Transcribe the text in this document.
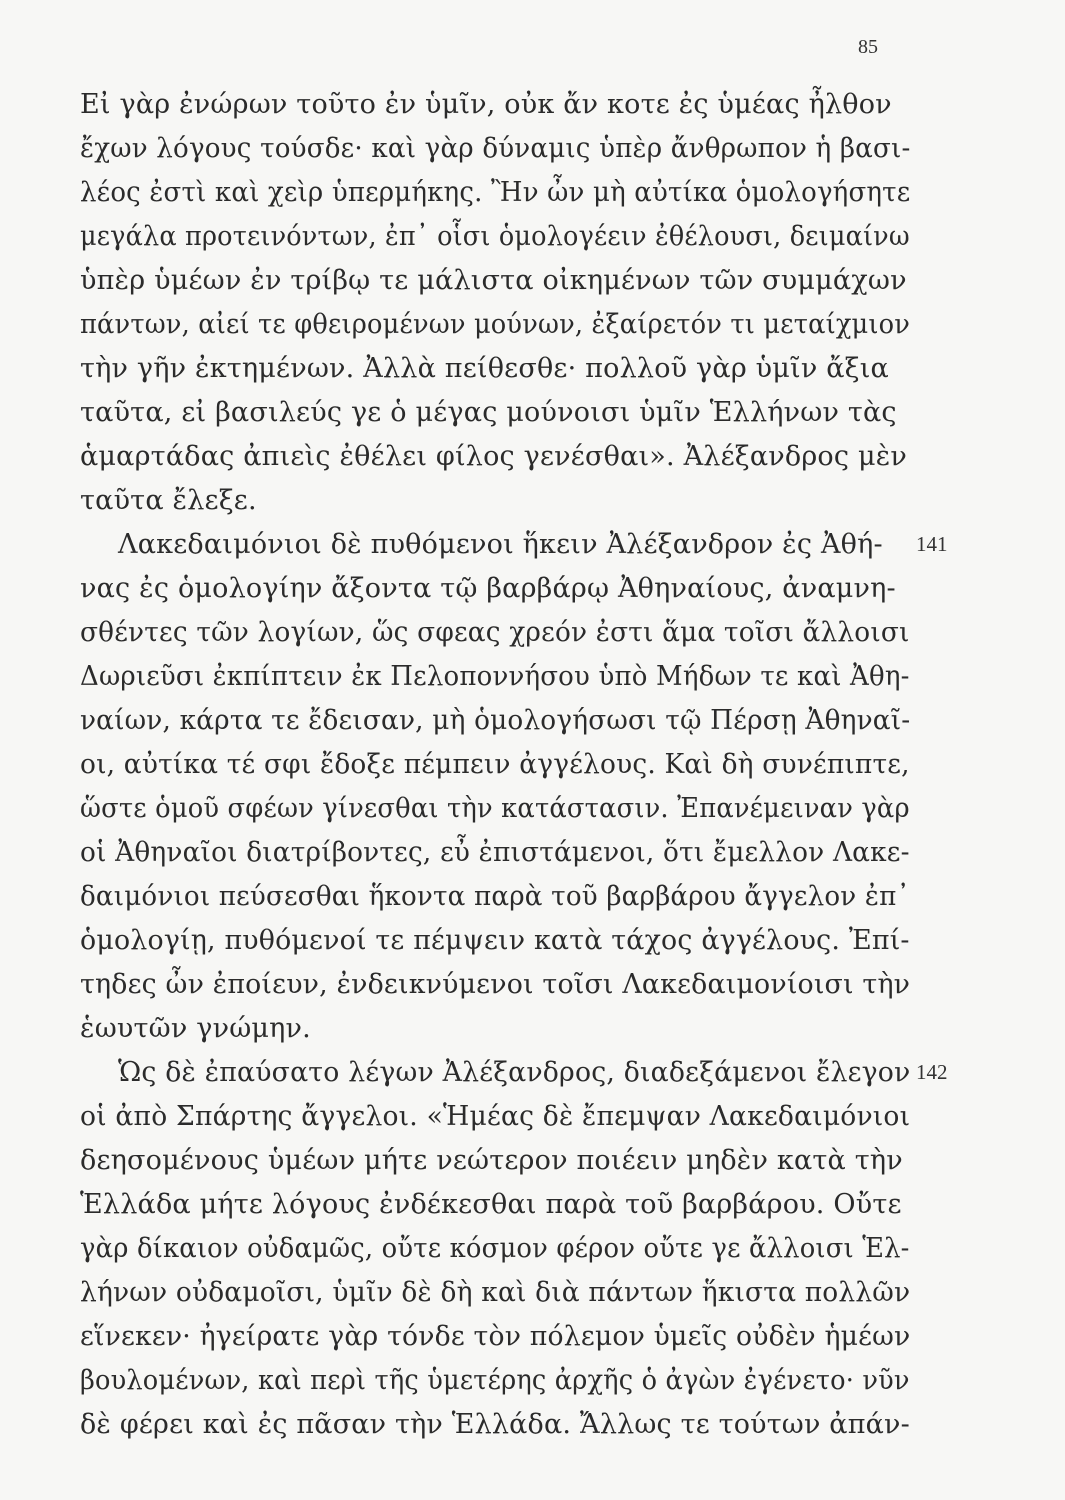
85
Εἰ γὰρ ἐνώρων τοῦτο ἐν ὑμῖν, οὐκ ἄν κοτε ἐς ὑμέας ἦλθον
ἔχων λόγους τούσδε· καὶ γὰρ δύναμις ὑπὲρ ἄνθρωπον ἡ βασι-
λέος ἐστὶ καὶ χεὶρ ὑπερμήκης. Ἢν ὦν μὴ αὐτίκα ὁμολογήσητε
μεγάλα προτεινόντων, ἐπ᾽ οἷσι ὁμολογέειν ἐθέλουσι, δειμαίνω
ὑπὲρ ὑμέων ἐν τρίβῳ τε μάλιστα οἰκημένων τῶν συμμάχων
πάντων, αἰεί τε φθειρομένων μούνων, ἐξαίρετόν τι μεταίχμιον
τὴν γῆν ἐκτημένων. Ἀλλὰ πείθεσθε· πολλοῦ γὰρ ὑμῖν ἄξια
ταῦτα, εἰ βασιλεύς γε ὁ μέγας μούνοισι ὑμῖν Ἑλλήνων τὰς
ἁμαρτάδας ἀπιεὶς ἐθέλει φίλος γενέσθαι». Ἀλέξανδρος μὲν
ταῦτα ἔλεξε.
Λακεδαιμόνιοι δὲ πυθόμενοι ἥκειν Ἀλέξανδρον ἐς Ἀθή-
νας ἐς ὁμολογίην ἄξοντα τῷ βαρβάρῳ Ἀθηναίους, ἀναμνη-
σθέντες τῶν λογίων, ὥς σφεας χρεόν ἐστι ἅμα τοῖσι ἄλλοισι
Δωριεῦσι ἐκπίπτειν ἐκ Πελοποννήσου ὑπὸ Μήδων τε καὶ Ἀθη-
ναίων, κάρτα τε ἔδεισαν, μὴ ὁμολογήσωσι τῷ Πέρσῃ Ἀθηναῖ-
οι, αὐτίκα τέ σφι ἔδοξε πέμπειν ἀγγέλους. Καὶ δὴ συνέπιπτε,
ὥστε ὁμοῦ σφέων γίνεσθαι τὴν κατάστασιν. Ἐπανέμειναν γὰρ
οἱ Ἀθηναῖοι διατρίβοντες, εὖ ἐπιστάμενοι, ὅτι ἔμελλον Λακε-
δαιμόνιοι πεύσεσθαι ἥκοντα παρὰ τοῦ βαρβάρου ἄγγελον ἐπ᾽
ὁμολογίῃ, πυθόμενοί τε πέμψειν κατὰ τάχος ἀγγέλους. Ἐπί-
τηδες ὦν ἐποίευν, ἐνδεικνύμενοι τοῖσι Λακεδαιμονίοισι τὴν
ἑωυτῶν γνώμην.
Ὡς δὲ ἐπαύσατο λέγων Ἀλέξανδρος, διαδεξάμενοι ἔλεγον
οἱ ἀπὸ Σπάρτης ἄγγελοι. «Ἡμέας δὲ ἔπεμψαν Λακεδαιμόνιοι
δεησομένους ὑμέων μήτε νεώτερον ποιέειν μηδὲν κατὰ τὴν
Ἑλλάδα μήτε λόγους ἐνδέκεσθαι παρὰ τοῦ βαρβάρου. Οὔτε
γὰρ δίκαιον οὐδαμῶς, οὔτε κόσμον φέρον οὔτε γε ἄλλοισι Ἑλ-
λήνων οὐδαμοῖσι, ὑμῖν δὲ δὴ καὶ διὰ πάντων ἥκιστα πολλῶν
εἵνεκεν· ἠγείρατε γὰρ τόνδε τὸν πόλεμον ὑμεῖς οὐδὲν ἡμέων
βουλομένων, καὶ περὶ τῆς ὑμετέρης ἀρχῆς ὁ ἀγὼν ἐγένετο· νῦν
δὲ φέρει καὶ ἐς πᾶσαν τὴν Ἑλλάδα. Ἄλλως τε τούτων ἀπάν-
141
142
